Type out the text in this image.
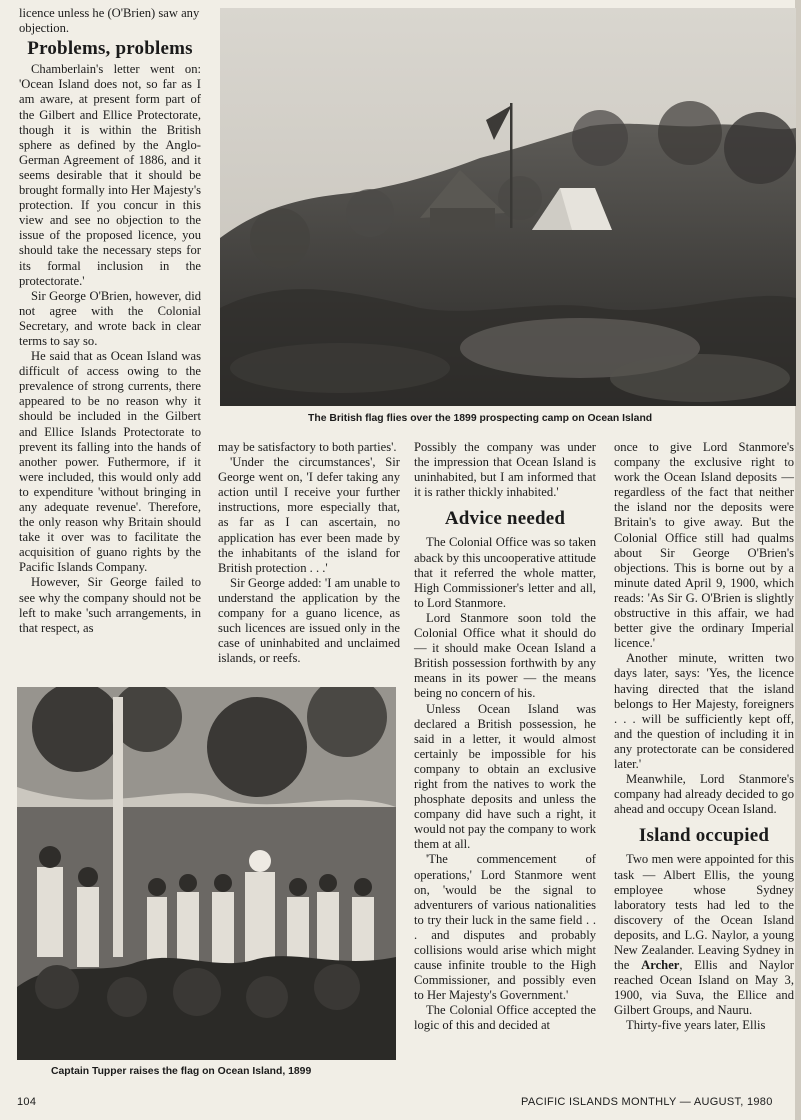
licence unless he (O'Brien) saw any objection.

Problems, problems

Chamberlain's letter went on: 'Ocean Island does not, so far as I am aware, at present form part of the Gilbert and Ellice Protectorate, though it is within the British sphere as defined by the Anglo-German Agreement of 1886, and it seems desirable that it should be brought formally into Her Majesty's protection. If you concur in this view and see no objection to the issue of the proposed licence, you should take the necessary steps for its formal inclusion in the protectorate.'

Sir George O'Brien, however, did not agree with the Colonial Secretary, and wrote back in clear terms to say so.

He said that as Ocean Island was difficult of access owing to the prevalence of strong currents, there appeared to be no reason why it should be included in the Gilbert and Ellice Islands Protectorate to prevent its falling into the hands of another power. Futhermore, if it were included, this would only add to expenditure 'without bringing in any adequate revenue'. Therefore, the only reason why Britain should take it over was to facilitate the acquisition of guano rights by the Pacific Islands Company.

However, Sir George failed to see why the company should not be left to make 'such arrangements, in that respect, as

The British flag flies over the 1899 prospecting camp on Ocean Island

may be satisfactory to both parties'.

'Under the circumstances', Sir George went on, 'I defer taking any action until I receive your further instructions, more especially that, as far as I can ascertain, no application has ever been made by the inhabitants of the island for British protection . . .'

Sir George added: 'I am unable to understand the application by the company for a guano licence, as such licences are issued only in the case of uninhabited and unclaimed islands, or reefs.

Captain Tupper raises the flag on Ocean Island, 1899

Possibly the company was under the impression that Ocean Island is uninhabited, but I am informed that it is rather thickly inhabited.'

Advice needed

The Colonial Office was so taken aback by this uncooperative attitude that it referred the whole matter, High Commissioner's letter and all, to Lord Stanmore.

Lord Stanmore soon told the Colonial Office what it should do — it should make Ocean Island a British possession forthwith by any means in its power — the means being no concern of his.

Unless Ocean Island was declared a British possession, he said in a letter, it would almost certainly be impossible for his company to obtain an exclusive right from the natives to work the phosphate deposits and unless the company did have such a right, it would not pay the company to work them at all.

'The commencement of operations,' Lord Stanmore went on, 'would be the signal to adventurers of various nationalities to try their luck in the same field . . . and disputes and probably collisions would arise which might cause infinite trouble to the High Commissioner, and possibly even to Her Majesty's Government.'

The Colonial Office accepted the logic of this and decided at

once to give Lord Stanmore's company the exclusive right to work the Ocean Island deposits — regardless of the fact that neither the island nor the deposits were Britain's to give away. But the Colonial Office still had qualms about Sir George O'Brien's objections. This is borne out by a minute dated April 9, 1900, which reads: 'As Sir G. O'Brien is slightly obstructive in this affair, we had better give the ordinary Imperial licence.'

Another minute, written two days later, says: 'Yes, the licence having directed that the island belongs to Her Majesty, foreigners . . . will be sufficiently kept off, and the question of including it in any protectorate can be considered later.'

Meanwhile, Lord Stanmore's company had already decided to go ahead and occupy Ocean Island.

Island occupied

Two men were appointed for this task — Albert Ellis, the young employee whose Sydney laboratory tests had led to the discovery of the Ocean Island deposits, and L.G. Naylor, a young New Zealander. Leaving Sydney in the Archer, Ellis and Naylor reached Ocean Island on May 3, 1900, via Suva, the Ellice and Gilbert Groups, and Nauru.

Thirty-five years later, Ellis

104	PACIFIC ISLANDS MONTHLY — AUGUST, 1980
